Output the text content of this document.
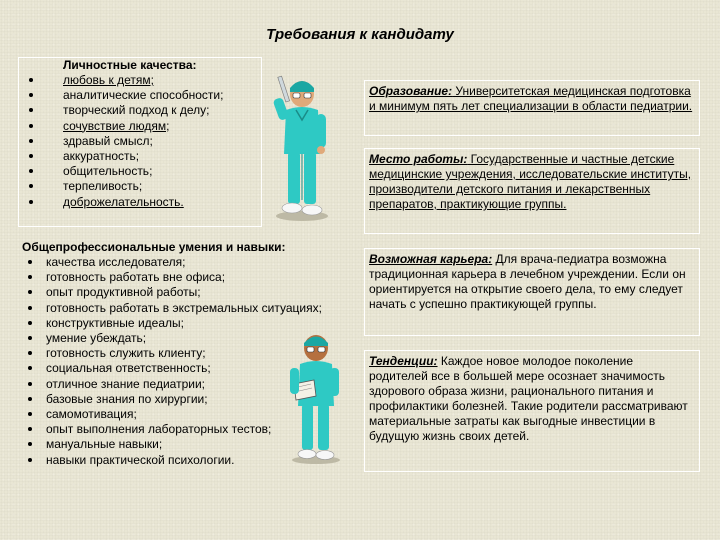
Требования к кандидату
Личностные качества:
любовь к детям;
аналитические способности;
творческий подход к делу;
сочувствие людям;
здравый смысл;
аккуратность;
общительность;
терпеливость;
доброжелательность.
Общепрофессиональные умения и навыки:
качества исследователя;
готовность работать вне офиса;
опыт продуктивной работы;
готовность работать в экстремальных ситуациях;
конструктивные идеалы;
умение убеждать;
готовность служить клиенту;
социальная ответственность;
отличное знание педиатрии;
базовые знания по хирургии;
самомотивация;
опыт выполнения лабораторных тестов;
мануальные навыки;
навыки практической психологии.
Образование: Университетская медицинская подготовка и минимум пять лет специализации в области педиатрии.
Место работы: Государственные и частные детские медицинские учреждения, исследовательские институты, производители детского питания и лекарственных препаратов, практикующие группы.
Возможная карьера: Для врача-педиатра возможна традиционная карьера в лечебном учреждении. Если он ориентируется на открытие своего дела, то ему следует начать с успешно практикующей группы.
Тенденции: Каждое новое молодое поколение родителей все в большей мере осознает значимость здорового образа жизни, рационального питания и профилактики болезней. Такие родители рассматривают материальные затраты как выгодные инвестиции в будущую жизнь своих детей.
